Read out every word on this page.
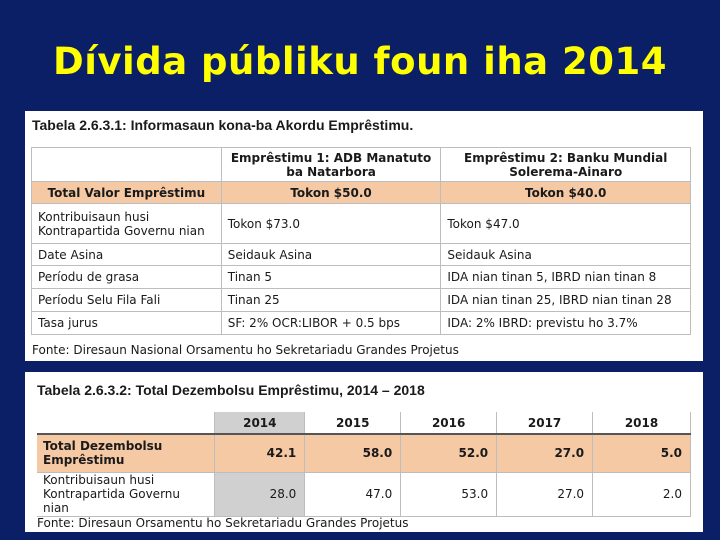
Dívida públiku foun iha 2014
Tabela 2.6.3.1: Informasaun kona-ba Akordu Emprêstimu.
	Emprêstimu 1: ADB Manatuto ba Natarbora	Emprêstimu 2: Banku Mundial Solerema-Ainaro
Total Valor Emprêstimu	Tokon $50.0	Tokon $40.0
Kontribuisaun husi Kontrapartida Governu nian	Tokon $73.0	Tokon $47.0
Date Asina	Seidauk Asina	Seidauk Asina
Períodu de grasa	Tinan 5	IDA nian tinan 5, IBRD nian tinan 8
Períodu Selu Fila Fali	Tinan 25	IDA nian tinan 25, IBRD nian tinan 28
Tasa jurus	SF: 2% OCR:LIBOR + 0.5 bps	IDA: 2% IBRD: previstu ho 3.7%
Fonte: Diresaun Nasional Orsamentu ho Sekretariadu Grandes Projetus
Tabela 2.6.3.2: Total Dezembolsu Emprêstimu, 2014 – 2018
	2014	2015	2016	2017	2018
Total Dezembolsu Emprêstimu	42.1	58.0	52.0	27.0	5.0
Kontribuisaun husi Kontrapartida Governu nian	28.0	47.0	53.0	27.0	2.0
Fonte: Diresaun Orsamentu ho Sekretariadu Grandes Projetus
